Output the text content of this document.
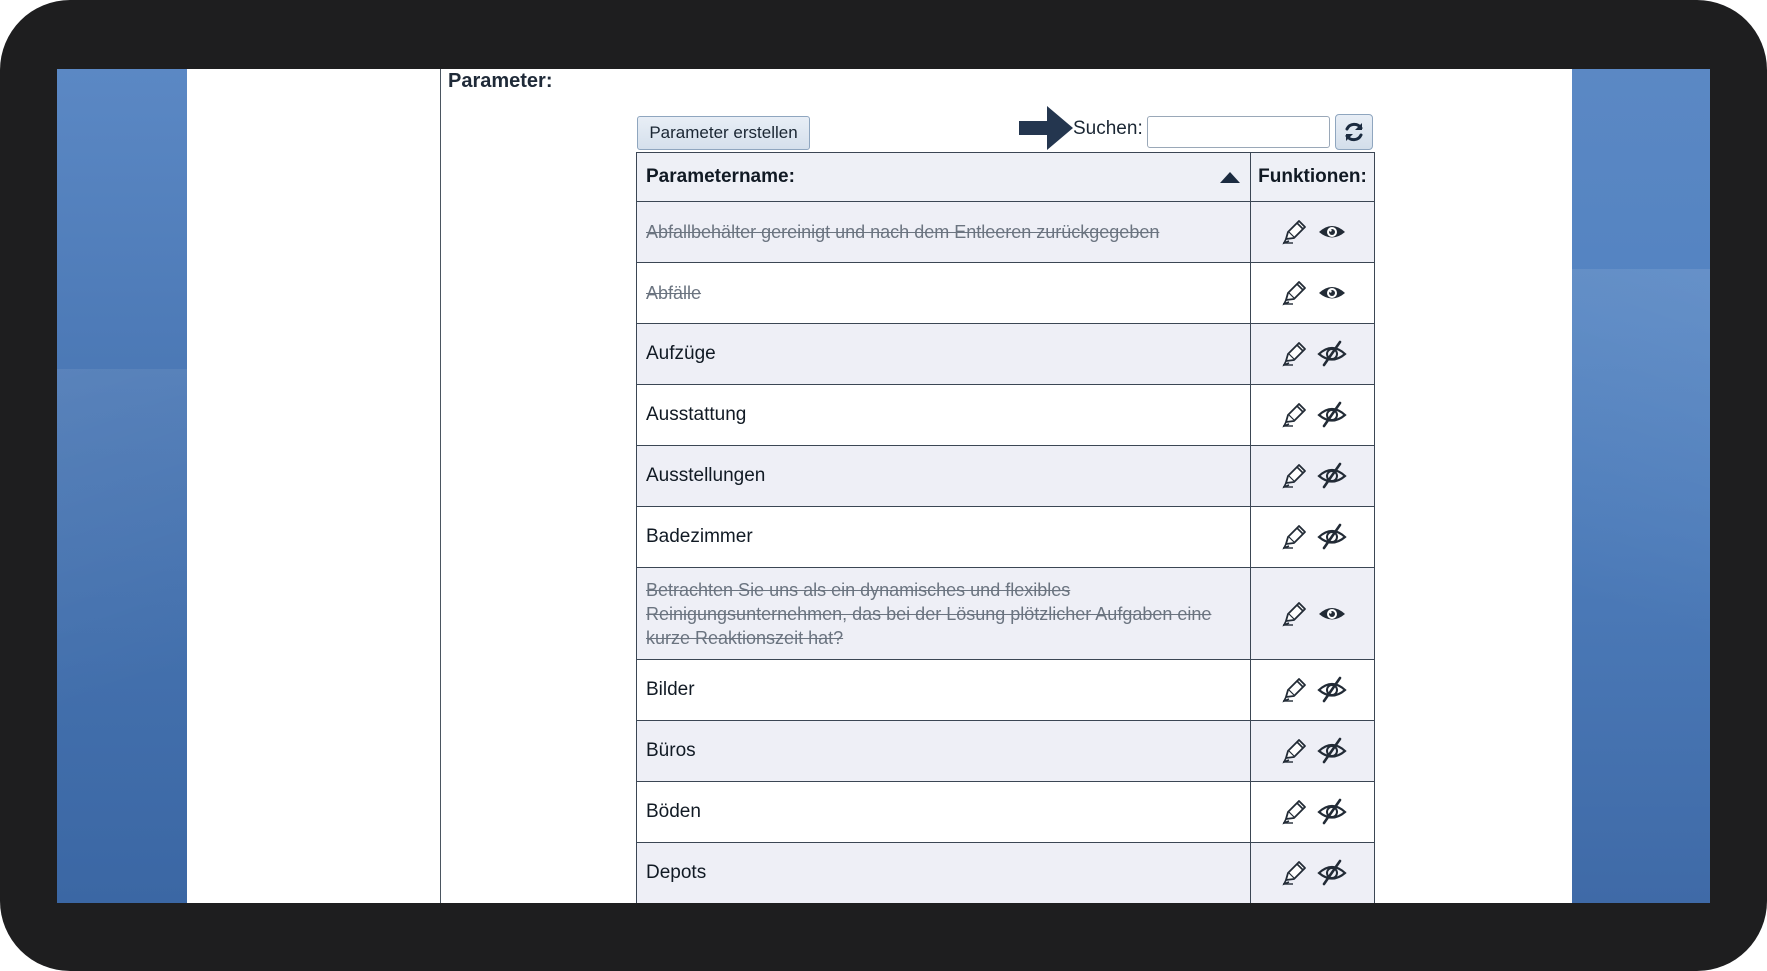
Parameter:
Parameter erstellen	Suchen:
Parametername:	Funktionen:
Abfallbehälter gereinigt und nach dem Entleeren zurückgegeben
Abfälle
Aufzüge
Ausstattung
Ausstellungen
Badezimmer
Betrachten Sie uns als ein dynamisches und flexibles Reinigungsunternehmen, das bei der Lösung plötzlicher Aufgaben eine kurze Reaktionszeit hat?
Bilder
Büros
Böden
Depots
